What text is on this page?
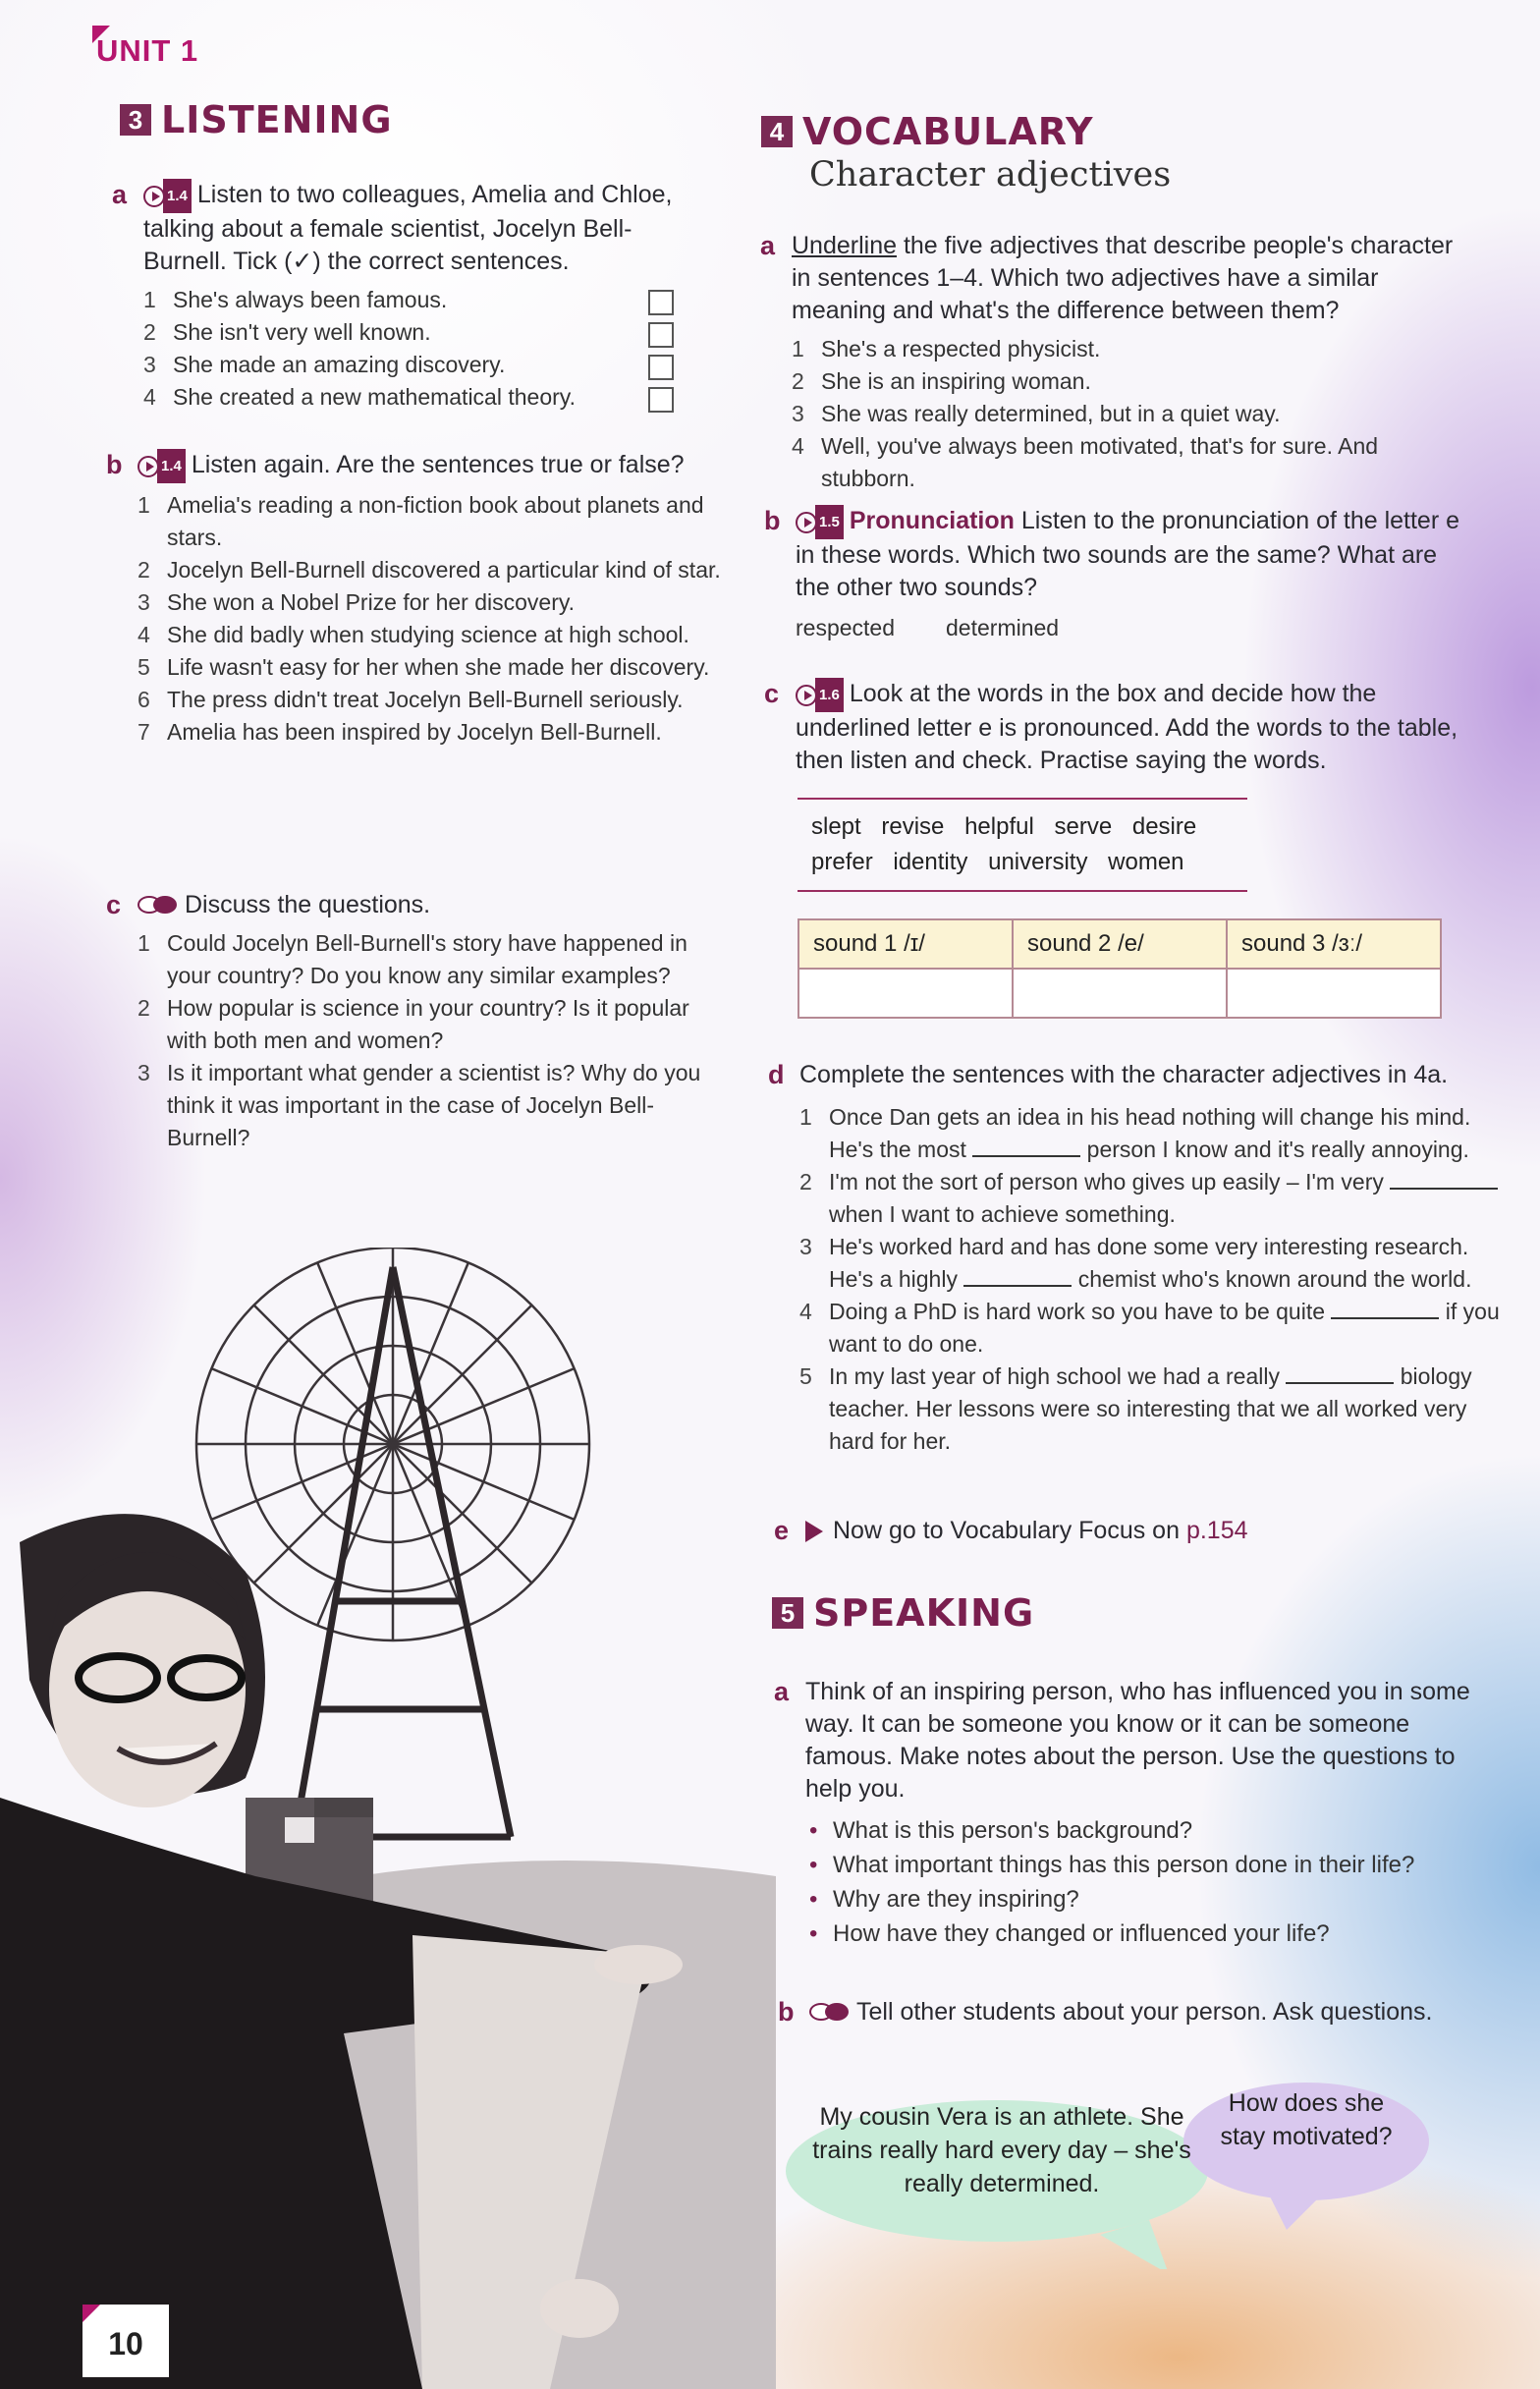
UNIT 1
3 LISTENING
a	1.4 Listen to two colleagues, Amelia and Chloe, talking about a female scientist, Jocelyn Bell-Burnell. Tick (✓) the correct sentences.
1 She's always been famous.
2 She isn't very well known.
3 She made an amazing discovery.
4 She created a new mathematical theory.
b	1.4 Listen again. Are the sentences true or false?
1 Amelia's reading a non-fiction book about planets and stars.
2 Jocelyn Bell-Burnell discovered a particular kind of star.
3 She won a Nobel Prize for her discovery.
4 She did badly when studying science at high school.
5 Life wasn't easy for her when she made her discovery.
6 The press didn't treat Jocelyn Bell-Burnell seriously.
7 Amelia has been inspired by Jocelyn Bell-Burnell.
c	Discuss the questions.
1 Could Jocelyn Bell-Burnell's story have happened in your country? Do you know any similar examples?
2 How popular is science in your country? Is it popular with both men and women?
3 Is it important what gender a scientist is? Why do you think it was important in the case of Jocelyn Bell-Burnell?
10
4 VOCABULARY
Character adjectives
a Underline the five adjectives that describe people's character in sentences 1–4. Which two adjectives have a similar meaning and what's the difference between them?
1 She's a respected physicist.
2 She is an inspiring woman.
3 She was really determined, but in a quiet way.
4 Well, you've always been motivated, that's for sure. And stubborn.
b	1.5 Pronunciation Listen to the pronunciation of the letter e in these words. Which two sounds are the same? What are the other two sounds?
respected determined
c	1.6 Look at the words in the box and decide how the underlined letter e is pronounced. Add the words to the table, then listen and check. Practise saying the words.
slept revise helpful serve desire
prefer identity university women
sound 1 /ɪ/	sound 2 /e/	sound 3 /ɜː/

d Complete the sentences with the character adjectives in 4a.
1 Once Dan gets an idea in his head nothing will change his mind. He's the most	person I know and it's really annoying.
2 I'm not the sort of person who gives up easily – I'm very  when I want to achieve something.
3 He's worked hard and has done some very interesting research. He's a highly	chemist who's known around the world.
4 Doing a PhD is hard work so you have to be quite	if you want to do one.
5 In my last year of high school we had a really	biology teacher. Her lessons were so interesting that we all worked very hard for her.
e Now go to Vocabulary Focus on p.154
5 SPEAKING
a Think of an inspiring person, who has influenced you in some way. It can be someone you know or it can be someone famous. Make notes about the person. Use the questions to help you.
• What is this person's background?
• What important things has this person done in their life?
• Why are they inspiring?
• How have they changed or influenced your life?
b	Tell other students about your person. Ask questions.
My cousin Vera is an athlete. She trains really hard every day – she's really determined.
How does she stay motivated?
